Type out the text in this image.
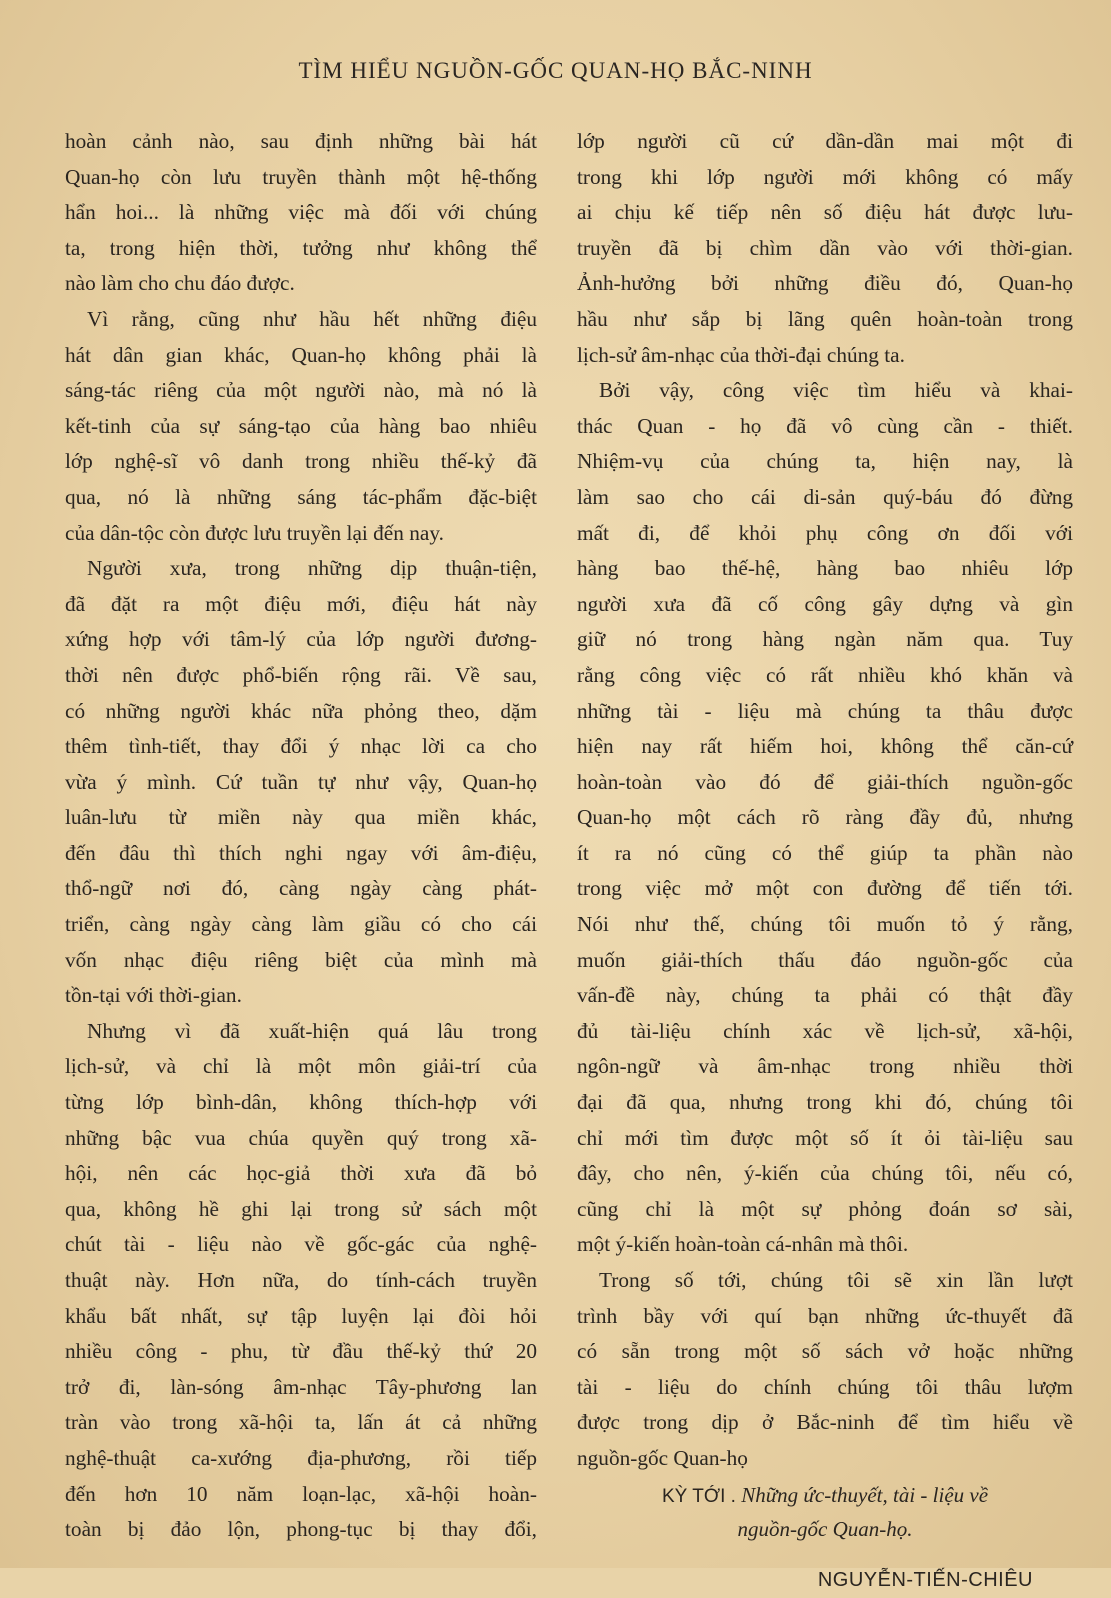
TÌM HIỂU NGUỒN-GỐC QUAN-HỌ BẮC-NINH

hoàn cảnh nào, sau định những bài hát

Quan-họ còn lưu truyền thành một hệ-thống

hẩn hoi... là những việc mà đối với chúng

ta, trong hiện thời, tưởng như không thể

nào làm cho chu đáo được.

Vì rằng, cũng như hầu hết những điệu

hát dân gian khác, Quan-họ không phải là

sáng-tác riêng của một người nào, mà nó là

kết-tinh của sự sáng-tạo của hàng bao nhiêu

lớp nghệ-sĩ vô danh trong nhiều thế-kỷ đã

qua, nó là những sáng tác-phẩm đặc-biệt

của dân-tộc còn được lưu truyền lại đến nay.

Người xưa, trong những dịp thuận-tiện,

đã đặt ra một điệu mới, điệu hát này

xứng hợp với tâm-lý của lớp người đương-

thời nên được phổ-biến rộng rãi. Về sau,

có những người khác nữa phỏng theo, dặm

thêm tình-tiết, thay đổi ý nhạc lời ca cho

vừa ý mình. Cứ tuần tự như vậy, Quan-họ

luân-lưu từ miền này qua miền khác,

đến đâu thì thích nghi ngay với âm-điệu,

thổ-ngữ nơi đó, càng ngày càng phát-

triển, càng ngày càng làm giầu có cho cái

vốn nhạc điệu riêng biệt của mình mà

tồn-tại với thời-gian.

Nhưng vì đã xuất-hiện quá lâu trong

lịch-sử, và chỉ là một môn giải-trí của

từng lớp bình-dân, không thích-hợp với

những bậc vua chúa quyền quý trong xã-

hội, nên các học-giả thời xưa đã bỏ

qua, không hề ghi lại trong sử sách một

chút tài - liệu nào về gốc-gác của nghệ-

thuật này. Hơn nữa, do tính-cách truyền

khẩu bất nhất, sự tập luyện lại đòi hỏi

nhiều công - phu, từ đầu thế-kỷ thứ 20

trở đi, làn-sóng âm-nhạc Tây-phương lan

tràn vào trong xã-hội ta, lấn át cả những

nghệ-thuật ca-xướng địa-phương, rồi tiếp

đến hơn 10 năm loạn-lạc, xã-hội hoàn-

toàn bị đảo lộn, phong-tục bị thay đổi,

lớp người cũ cứ dần-dần mai một đi

trong khi lớp người mới không có mấy

ai chịu kế tiếp nên số điệu hát được lưu-

truyền đã bị chìm dần vào với thời-gian.

Ảnh-hưởng bởi những điều đó, Quan-họ

hầu như sắp bị lãng quên hoàn-toàn trong

lịch-sử âm-nhạc của thời-đại chúng ta.

Bởi vậy, công việc tìm hiểu và khai-

thác Quan - họ đã vô cùng cần - thiết.

Nhiệm-vụ của chúng ta, hiện nay, là

làm sao cho cái di-sản quý-báu đó đừng

mất đi, để khỏi phụ công ơn đối với

hàng bao thế-hệ, hàng bao nhiêu lớp

người xưa đã cố công gây dựng và gìn

giữ nó trong hàng ngàn năm qua. Tuy

rằng công việc có rất nhiều khó khăn và

những tài - liệu mà chúng ta thâu được

hiện nay rất hiếm hoi, không thể căn-cứ

hoàn-toàn vào đó để giải-thích nguồn-gốc

Quan-họ một cách rõ ràng đầy đủ, nhưng

ít ra nó cũng có thể giúp ta phần nào

trong việc mở một con đường để tiến tới.

Nói như thế, chúng tôi muốn tỏ ý rằng,

muốn giải-thích thấu đáo nguồn-gốc của

vấn-đề này, chúng ta phải có thật đầy

đủ tài-liệu chính xác về lịch-sử, xã-hội,

ngôn-ngữ và âm-nhạc trong nhiều thời

đại đã qua, nhưng trong khi đó, chúng tôi

chỉ mới tìm được một số ít ỏi tài-liệu sau

đây, cho nên, ý-kiến của chúng tôi, nếu có,

cũng chỉ là một sự phỏng đoán sơ sài,

một ý-kiến hoàn-toàn cá-nhân mà thôi.

Trong số tới, chúng tôi sẽ xin lần lượt

trình bầy với quí bạn những ức-thuyết đã

có sẵn trong một số sách vở hoặc những

tài - liệu do chính chúng tôi thâu lượm

được trong dịp ở Bắc-ninh để tìm hiểu về

nguồn-gốc Quan-họ

KỲ TỚI . Những ức-thuyết, tài - liệu về
nguồn-gốc Quan-họ.
NGUYỄN-TIẾN-CHIÊU
